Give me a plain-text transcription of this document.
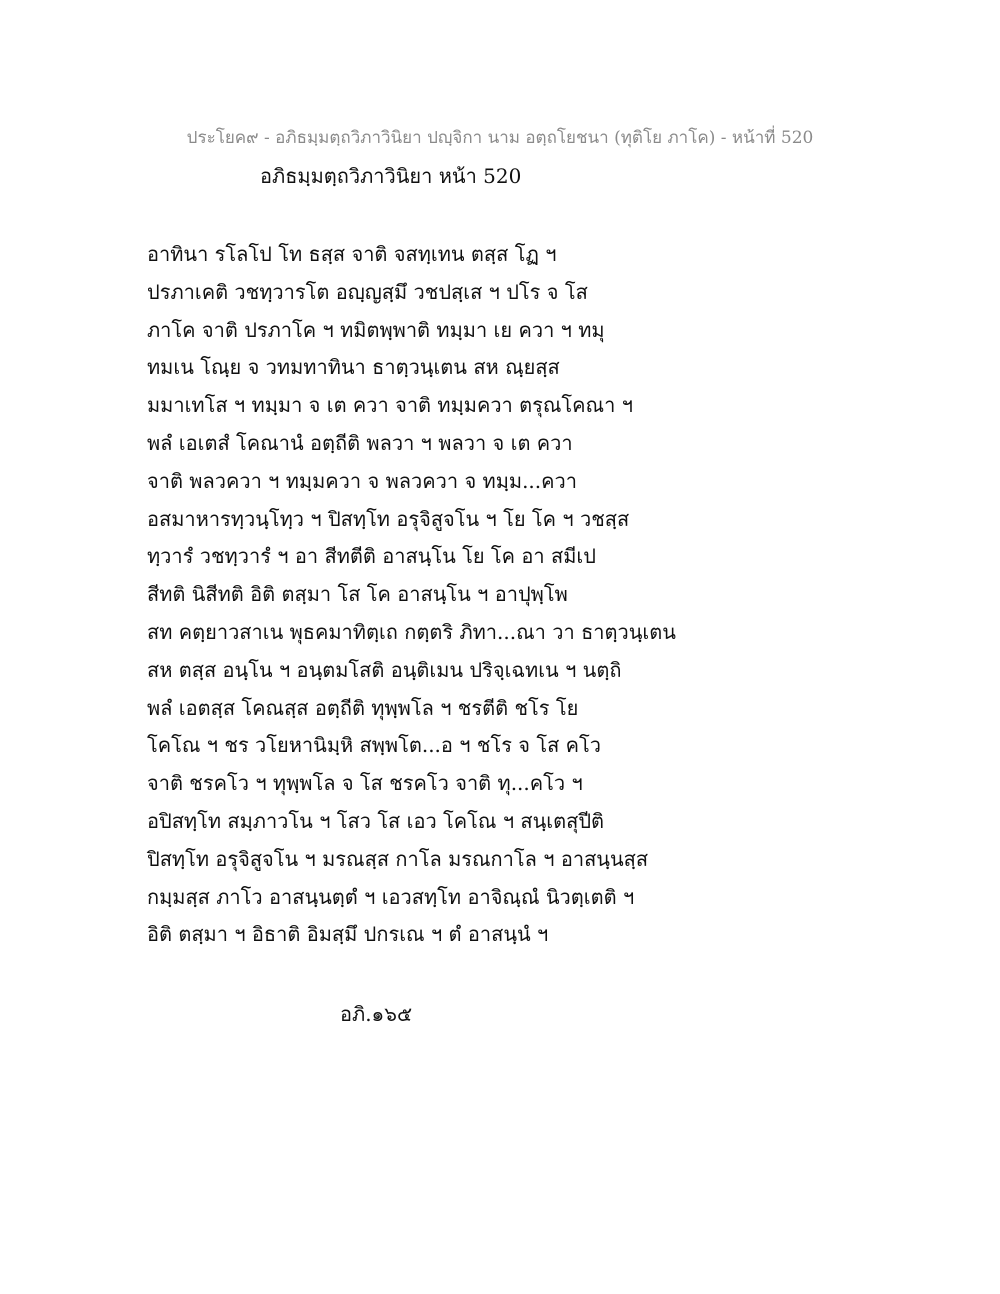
ประโยค๙ - อภิธมฺมตฺถวิภาวินิยา ปญฺจิกา นาม อตฺถโยชนา (ทุติโย ภาโค) - หน้าที่ 520
อภิธมฺมตฺถวิภาวินิยา หน้า 520
อาทินา รโลโป โท ธสฺส จาติ จสทฺเทน ตสฺส โฏ ฯ
ปรภาเคติ วชทฺวารโต อญฺญสฺมึ วชปสฺเส ฯ ปโร จ โส
ภาโค จาติ ปรภาโค ฯ ทมิตพฺพาติ ทมฺมา เย ควา ฯ ทมุ
ทมเน โณฺย จ วทมทาทินา ธาตฺวนฺเตน สห ณฺยสฺส
มมาเทโส ฯ ทมฺมา จ เต ควา จาติ ทมฺมควา ตรุณโคณา ฯ
พลํ เอเตสํ โคณานํ อตฺถีติ พลวา ฯ พลวา จ เต ควา
จาติ พลวควา ฯ ทมฺมควา จ พลวควา จ ทมฺม...ควา
อสมาหารทฺวนฺโทฺว ฯ ปิสทฺโท อรุจิสูจโน ฯ โย โค ฯ วชสฺส
ทฺวารํ วชทฺวารํ ฯ อา สีทตีติ อาสนฺโน โย โค อา สมีเป
สีทติ นิสีทติ อิติ ตสฺมา โส โค อาสนฺโน ฯ อาปุพฺโพ
สท คตฺยาวสาเน พุธคมาทิตฺเถ กตฺตริ ภิทา...ณา วา ธาตฺวนฺเตน
สห ตสฺส อนฺโน ฯ อนฺตมโสติ อนฺติเมน ปริจฺเฉทเน ฯ นตฺถิ
พลํ เอตสฺส โคณสฺส อตฺถีติ ทุพฺพโล ฯ ชรตีติ ชโร โย
โคโณ ฯ ชร วโยหานิมฺหิ สพฺพโต...อ ฯ ชโร จ โส คโว
จาติ ชรคโว ฯ ทุพฺพโล จ โส ชรคโว จาติ ทุ...คโว ฯ
อปิสทฺโท สมฺภาวโน ฯ โสว โส เอว โคโณ ฯ สนฺเตสุปีติ
ปิสทฺโท อรุจิสูจโน ฯ มรณสฺส กาโล มรณกาโล ฯ อาสนฺนสฺส
กมฺมสฺส ภาโว อาสนฺนตฺตํ ฯ เอวสทฺโท อาจิณฺณํ นิวตฺเตติ ฯ
อิติ ตสฺมา ฯ อิธาติ อิมสฺมึ ปกรเณ ฯ ตํ อาสนฺนํ ฯ
อภิ.๑๖๕
